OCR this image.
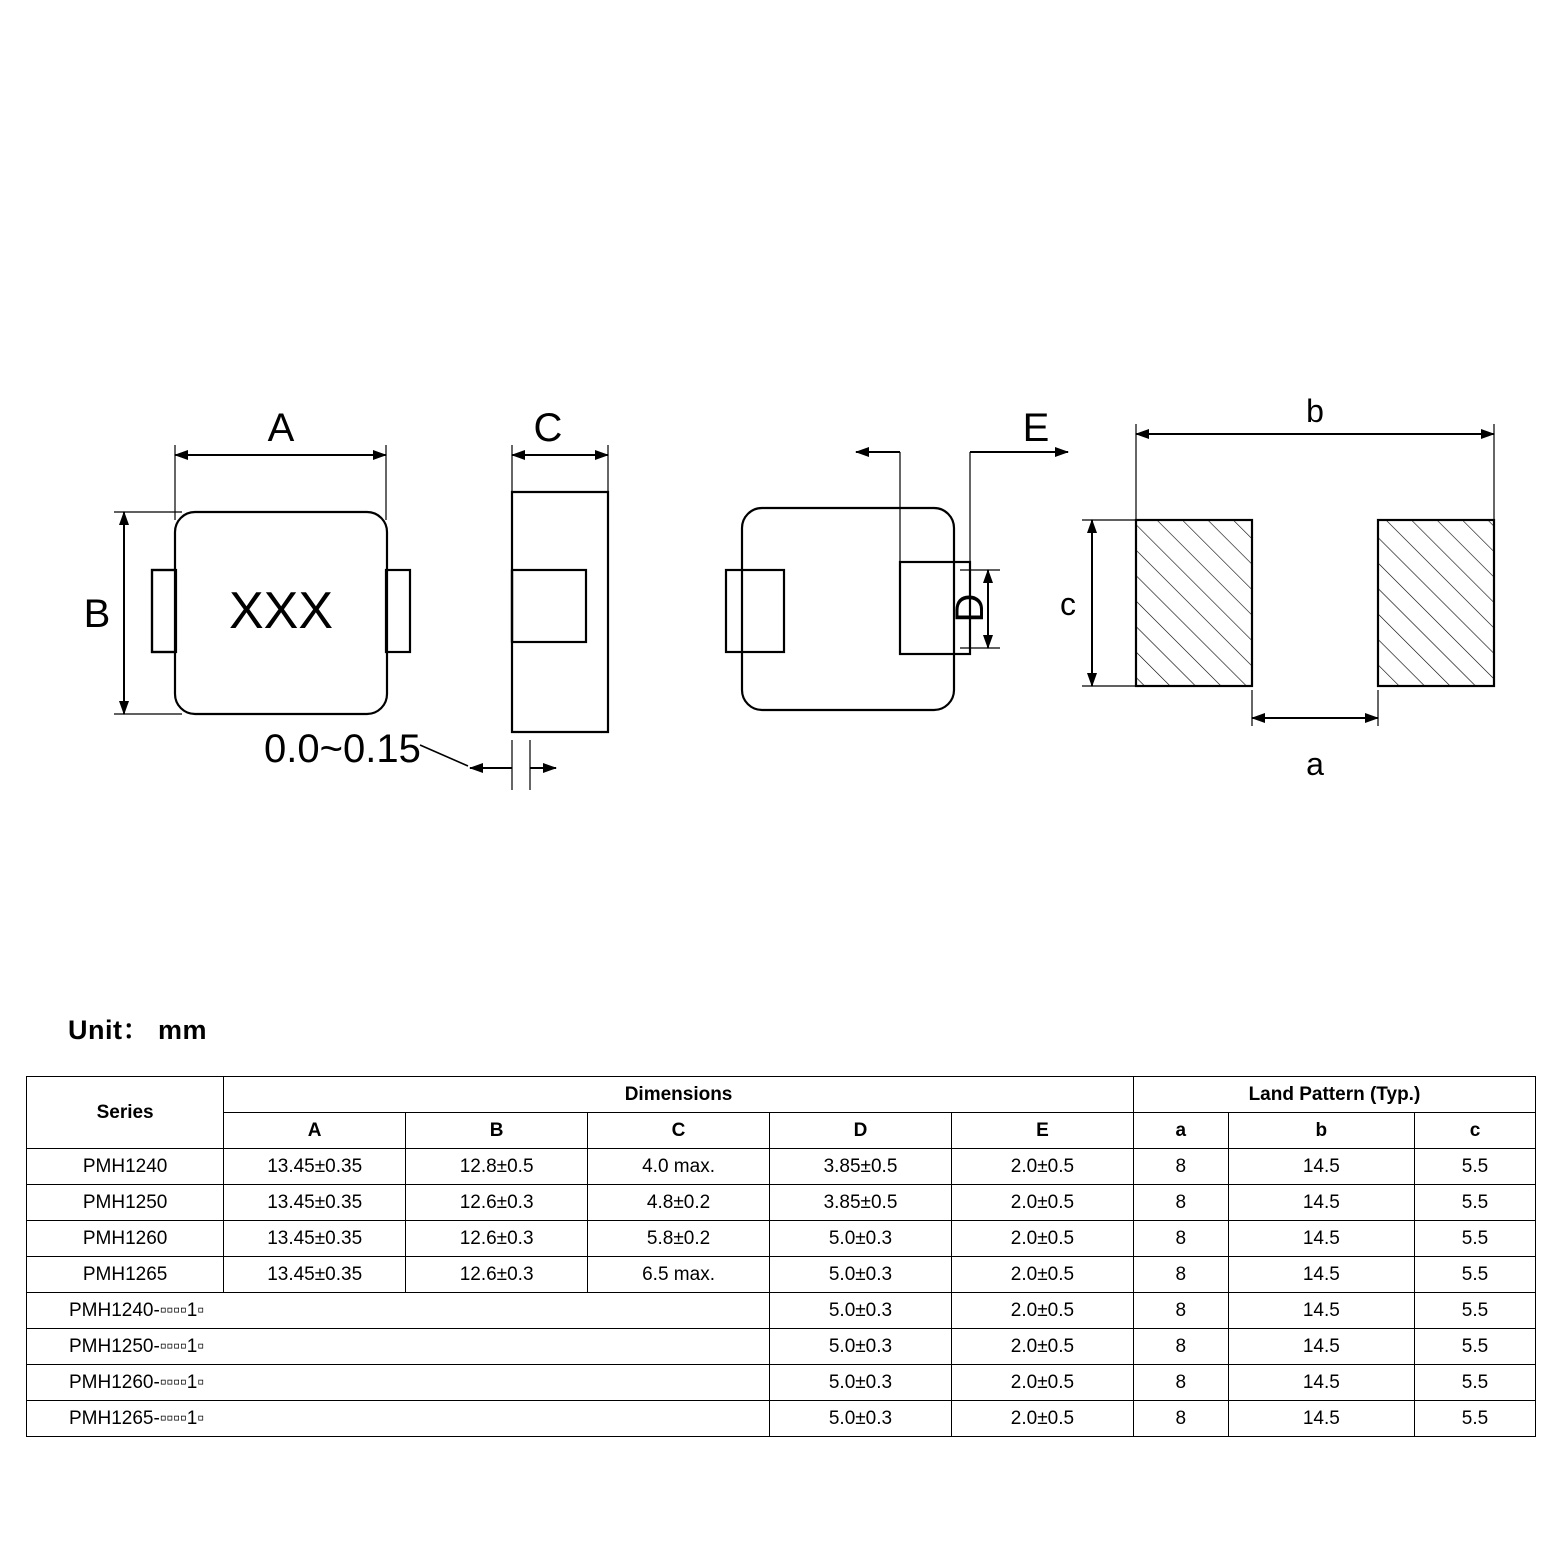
A
B XXX
0.0~0.15
C	E
D
b
c
a
Unit： mm
Series	Dimensions					Land Pattern (Typ.)		
	A	B	C	D	E	a	b	c
PMH1240	13.45±0.35	12.8±0.5	4.0 max.	3.85±0.5	2.0±0.5	8	14.5	5.5
PMH1250	13.45±0.35	12.6±0.3	4.8±0.2	3.85±0.5	2.0±0.5	8	14.5	5.5
PMH1260	13.45±0.35	12.6±0.3	5.8±0.2	5.0±0.3	2.0±0.5	8	14.5	5.5
PMH1265	13.45±0.35	12.6±0.3	6.5 max.	5.0±0.3	2.0±0.5	8	14.5	5.5
PMH1240-▫▫▫▫1▫				5.0±0.3	2.0±0.5	8	14.5	5.5
PMH1250-▫▫▫▫1▫				5.0±0.3	2.0±0.5	8	14.5	5.5
PMH1260-▫▫▫▫1▫				5.0±0.3	2.0±0.5	8	14.5	5.5
PMH1265-▫▫▫▫1▫				5.0±0.3	2.0±0.5	8	14.5	5.5
